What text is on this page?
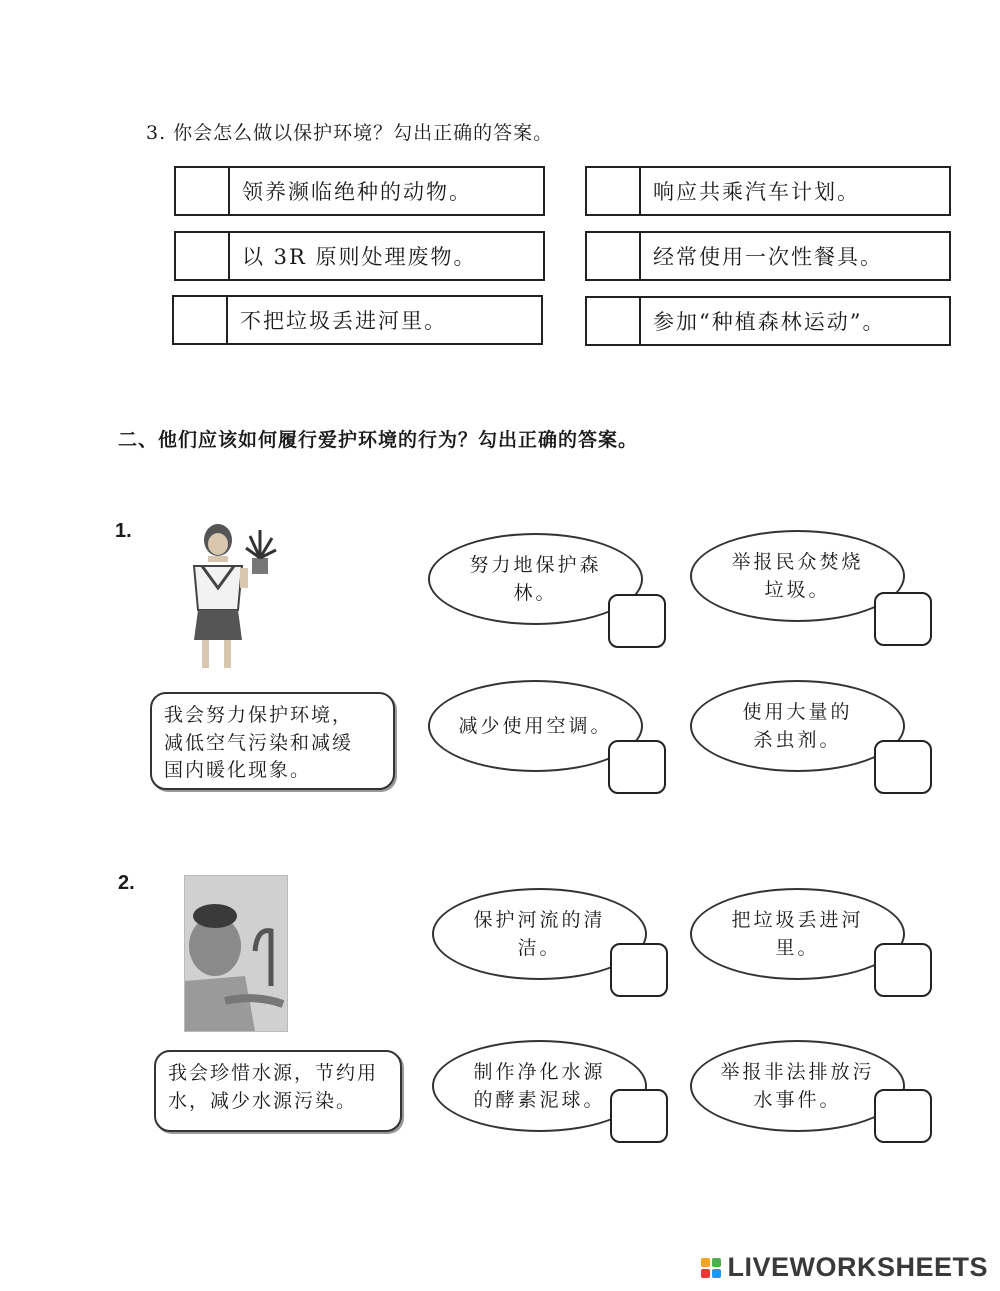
3. 你会怎么做以保护环境？勾出正确的答案。
领养濒临绝种的动物。
以 3R 原则处理废物。
不把垃圾丢进河里。
响应共乘汽车计划。
经常使用一次性餐具。
参加“种植森林运动”。
二、他们应该如何履行爱护环境的行为？勾出正确的答案。
1.
我会努力保护环境，
减低空气污染和减缓
国内暖化现象。
努力地保护森林。
举报民众焚烧
垃圾。
减少使用空调。
使用大量的
杀虫剂。
2.
我会珍惜水源，节约用
水，减少水源污染。
保护河流的清洁。
把垃圾丢进河里。
制作净化水源
的酵素泥球。
举报非法排放污
水事件。
LIVEWORKSHEETS
